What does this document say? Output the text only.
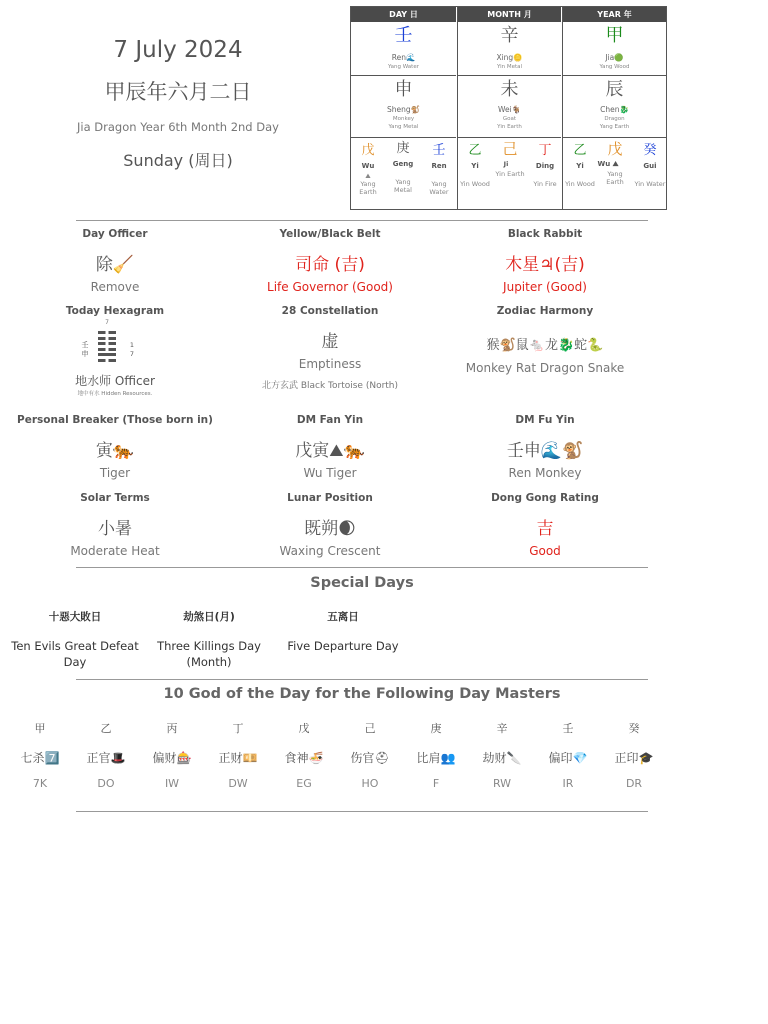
7 July 2024
甲辰年六月二日
Jia Dragon Year 6th Month 2nd Day
Sunday (周日)
DAY 日
壬
Ren🌊
Yang Water
申
Sheng🐒
Monkey
Yang Metal
戊
Wu
⛰
Yang Earth
庚
Geng
Yang Metal
壬
Ren
Yang Water
MONTH 月
辛
Xing🪙
Yin Metal
未
Wei🐐
Goat
Yin Earth
乙
Yi
Yin Wood
己
Ji
Yin Earth
丁
Ding
Yin Fire
YEAR 年
甲
Jia🟢
Yang Wood
辰
Chen🐉
Dragon
Yang Earth
乙
Yi
Yin Wood
戊
Wu ⛰
Yang Earth
癸
Gui
Yin Water
Day Officer
除🧹
Remove
Yellow/Black Belt
司命 (吉)
Life Governor (Good)
Black Rabbit
木星♃(吉)
Jupiter (Good)
Today Hexagram
7
壬申
1 7
地水师 Officer
地中有水 Hidden Resources.
28 Constellation
虚
Emptiness
北方玄武 Black Tortoise (North)
Zodiac Harmony
猴🐒鼠🐁龙🐉蛇🐍
Monkey Rat Dragon Snake
Personal Breaker (Those born in)
寅🐅
Tiger
DM Fan Yin
戊寅⛰🐅
Wu Tiger
DM Fu Yin
壬申🌊🐒
Ren Monkey
Solar Terms
小暑
Moderate Heat
Lunar Position
既朔🌒
Waxing Crescent
Dong Gong Rating
吉
Good
Special Days
十惡大敗日
Ten Evils Great Defeat Day
劫煞日(月)
Three Killings Day (Month)
五离日
Five Departure Day
10 God of the Day for the Following Day Masters
甲
七杀7️⃣
7K
乙
正官🎩
DO
丙
偏财🎰
IW
丁
正财💴
DW
戊
食神🍜
EG
己
伤官⛑
HO
庚
比肩👥
F
辛
劫财🔪
RW
壬
偏印💎
IR
癸
正印🎓
DR
